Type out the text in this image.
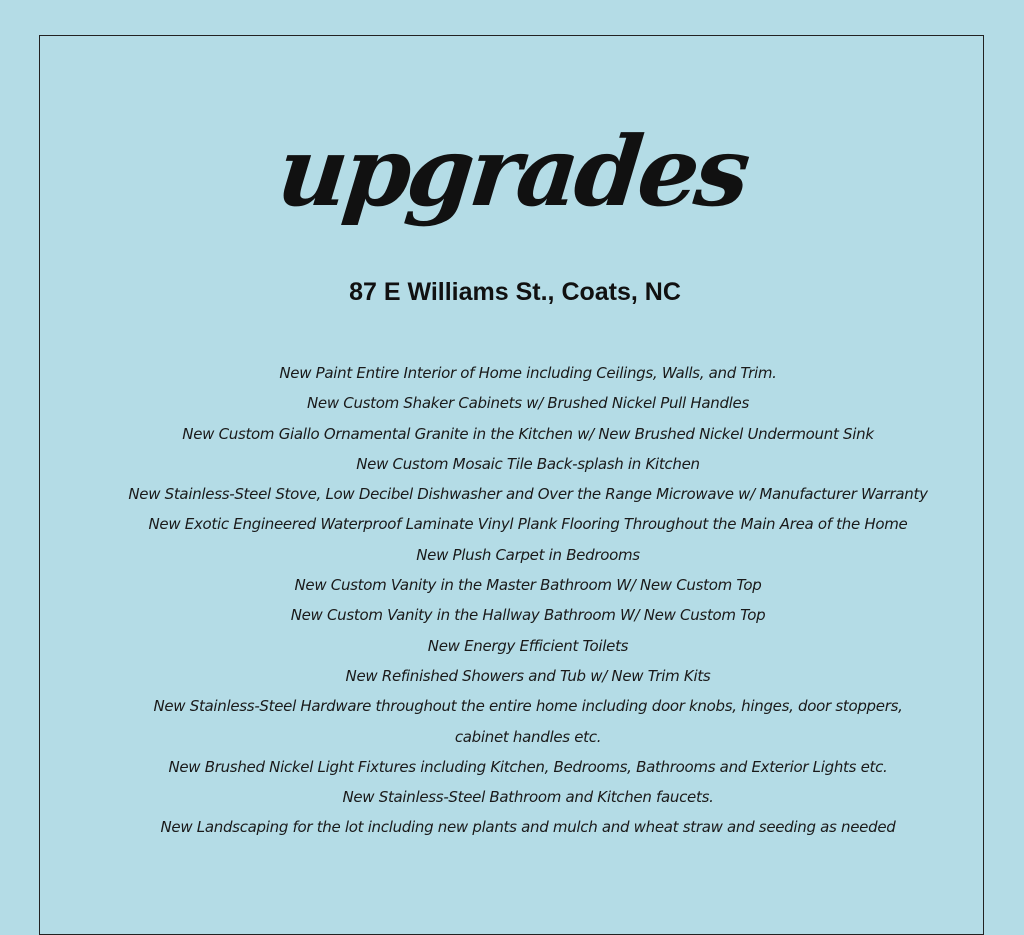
upgrades
87 E Williams St., Coats, NC
New Paint Entire Interior of Home including Ceilings, Walls, and Trim.
New Custom Shaker Cabinets w/ Brushed Nickel Pull Handles
New Custom Giallo Ornamental Granite in the Kitchen w/ New Brushed Nickel Undermount Sink
New Custom Mosaic Tile Back-splash in Kitchen
New Stainless-Steel Stove, Low Decibel Dishwasher and Over the Range Microwave w/ Manufacturer Warranty
New Exotic Engineered Waterproof Laminate Vinyl Plank Flooring Throughout the Main Area of the Home
New Plush Carpet in Bedrooms
New Custom Vanity in the Master Bathroom W/ New Custom Top
New Custom Vanity in the Hallway Bathroom W/ New Custom Top
New Energy Efficient Toilets
New Refinished Showers and Tub w/ New Trim Kits
New Stainless-Steel Hardware throughout the entire home including door knobs, hinges, door stoppers,
cabinet handles etc.
New Brushed Nickel Light Fixtures including Kitchen, Bedrooms, Bathrooms and Exterior Lights etc.
New Stainless-Steel Bathroom and Kitchen faucets.
New Landscaping for the lot including new plants and mulch and wheat straw and seeding as needed
